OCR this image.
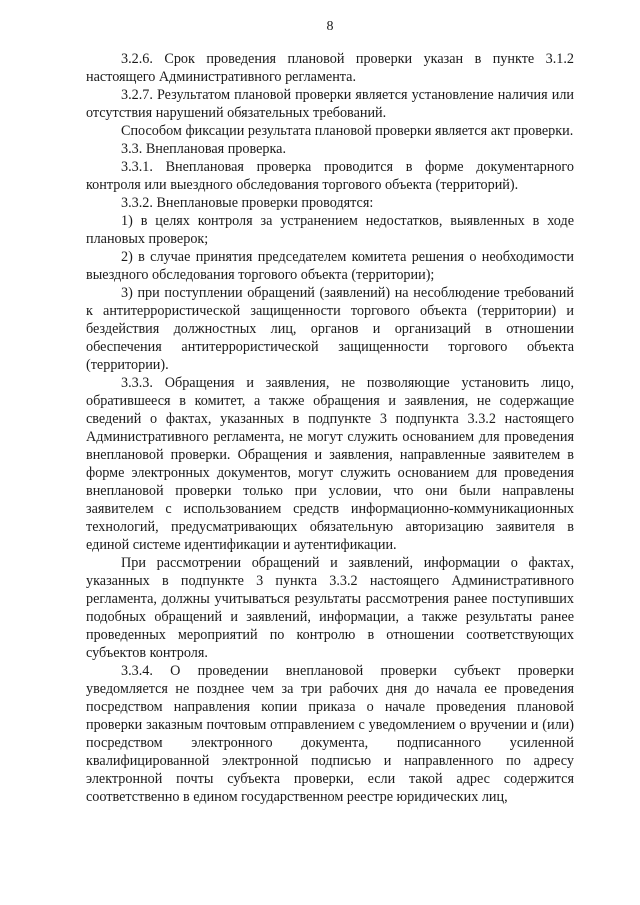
8

3.2.6. Срок проведения плановой проверки указан в пункте 3.1.2 настоящего Административного регламента.

3.2.7. Результатом плановой проверки является установление наличия или отсутствия нарушений обязательных требований.

Способом фиксации результата плановой проверки является акт проверки.

3.3. Внеплановая проверка.

3.3.1. Внеплановая проверка проводится в форме документарного контроля или выездного обследования торгового объекта (территорий).

3.3.2. Внеплановые проверки проводятся:

1) в целях контроля за устранением недостатков, выявленных в ходе плановых проверок;

2) в случае принятия председателем комитета решения о необходимости выездного обследования торгового объекта (территории);

3) при поступлении обращений (заявлений) на несоблюдение требований к антитеррористической защищенности торгового объекта (территории) и бездействия должностных лиц, органов и организаций в отношении обеспечения антитеррористической защищенности торгового объекта (территории).

3.3.3. Обращения и заявления, не позволяющие установить лицо, обратившееся в комитет, а также обращения и заявления, не содержащие сведений о фактах, указанных в подпункте 3 подпункта 3.3.2 настоящего Административного регламента, не могут служить основанием для проведения внеплановой проверки. Обращения и заявления, направленные заявителем в форме электронных документов, могут служить основанием для проведения внеплановой проверки только при условии, что они были направлены заявителем с использованием средств информационно-коммуникационных технологий, предусматривающих обязательную авторизацию заявителя в единой системе идентификации и аутентификации.

При рассмотрении обращений и заявлений, информации о фактах, указанных в подпункте 3 пункта 3.3.2 настоящего Административного регламента, должны учитываться результаты рассмотрения ранее поступивших подобных обращений и заявлений, информации, а также результаты ранее проведенных мероприятий по контролю в отношении соответствующих субъектов контроля.

3.3.4. О проведении внеплановой проверки субъект проверки уведомляется не позднее чем за три рабочих дня до начала ее проведения посредством направления копии приказа о начале проведения плановой проверки заказным почтовым отправлением с уведомлением о вручении и (или) посредством электронного документа, подписанного усиленной квалифицированной электронной подписью и направленного по адресу электронной почты субъекта проверки, если такой адрес содержится соответственно в едином государственном реестре юридических лиц,
